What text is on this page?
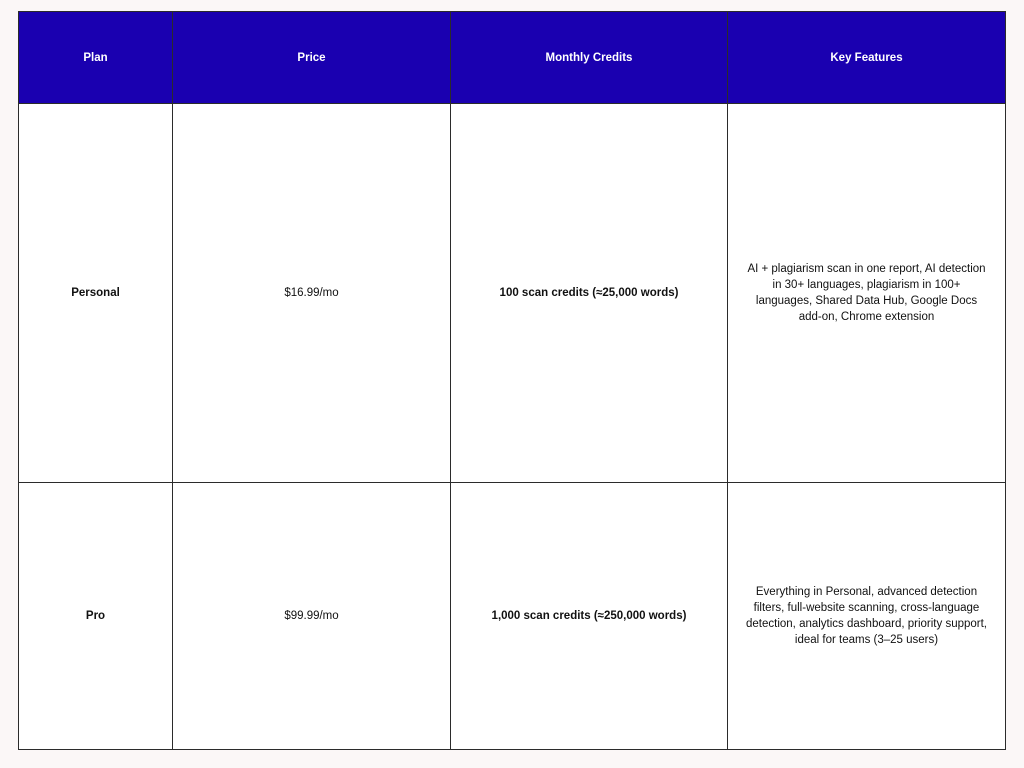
Plan	Price	Monthly Credits	Key Features
Personal	$16.99/mo	100 scan credits (≈25,000 words)	AI + plagiarism scan in one report, AI detection in 30+ languages, plagiarism in 100+ languages, Shared Data Hub, Google Docs add-on, Chrome extension
Pro	$99.99/mo	1,000 scan credits (≈250,000 words)	Everything in Personal, advanced detection filters, full-website scanning, cross-language detection, analytics dashboard, priority support, ideal for teams (3–25 users)
